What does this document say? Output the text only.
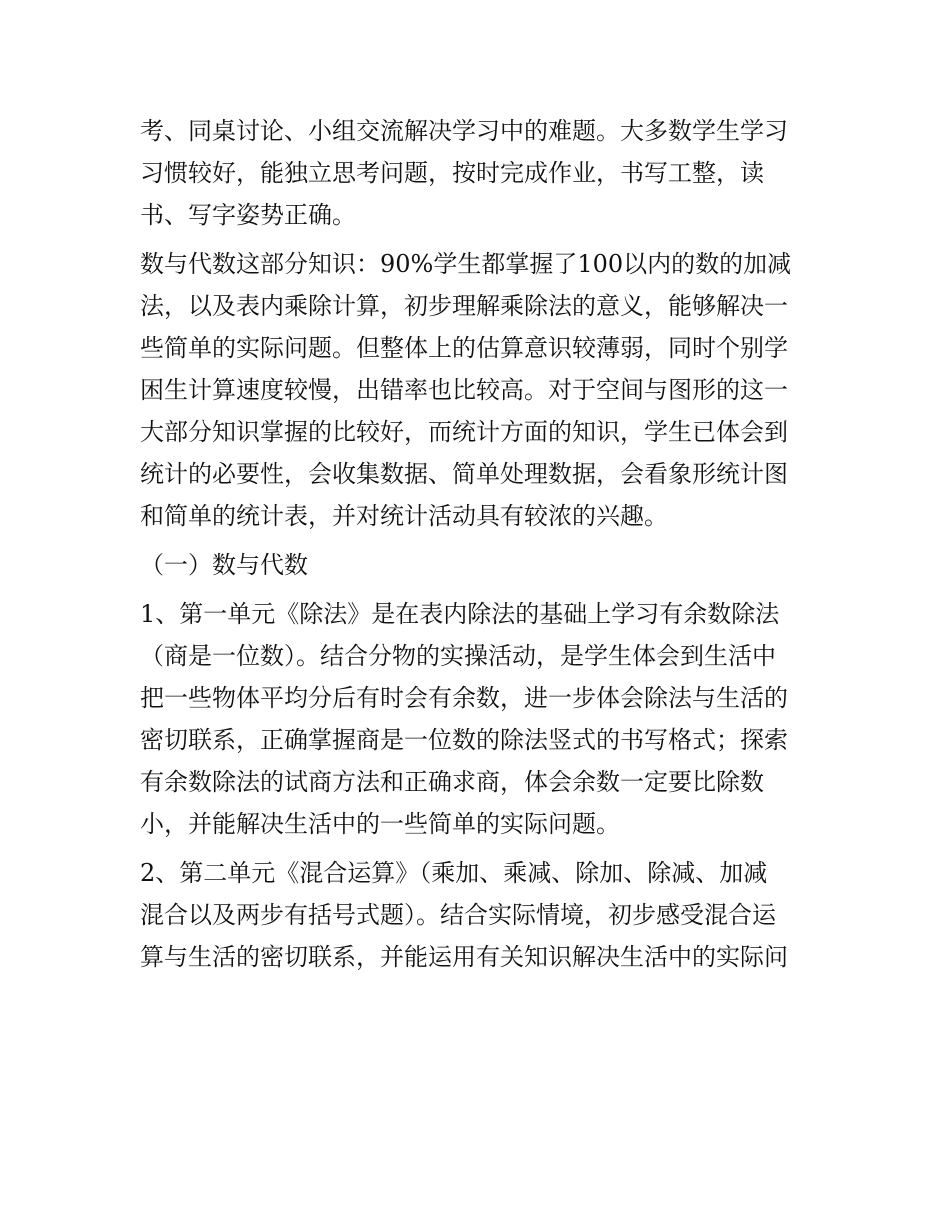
考、同桌讨论、小组交流解决学习中的难题。大多数学生学习
习惯较好，能独立思考问题，按时完成作业，书写工整，读
书、写字姿势正确。
数与代数这部分知识：90%学生都掌握了100以内的数的加减
法，以及表内乘除计算，初步理解乘除法的意义，能够解决一
些简单的实际问题。但整体上的估算意识较薄弱，同时个别学
困生计算速度较慢，出错率也比较高。对于空间与图形的这一
大部分知识掌握的比较好，而统计方面的知识，学生已体会到
统计的必要性，会收集数据、简单处理数据，会看象形统计图
和简单的统计表，并对统计活动具有较浓的兴趣。
（一）数与代数
1、第一单元《除法》是在表内除法的基础上学习有余数除法
（商是一位数）。结合分物的实操活动，是学生体会到生活中
把一些物体平均分后有时会有余数，进一步体会除法与生活的
密切联系，正确掌握商是一位数的除法竖式的书写格式；探索
有余数除法的试商方法和正确求商，体会余数一定要比除数
小，并能解决生活中的一些简单的实际问题。
2、第二单元《混合运算》（乘加、乘减、除加、除减、加减
混合以及两步有括号式题）。结合实际情境，初步感受混合运
算与生活的密切联系，并能运用有关知识解决生活中的实际问
